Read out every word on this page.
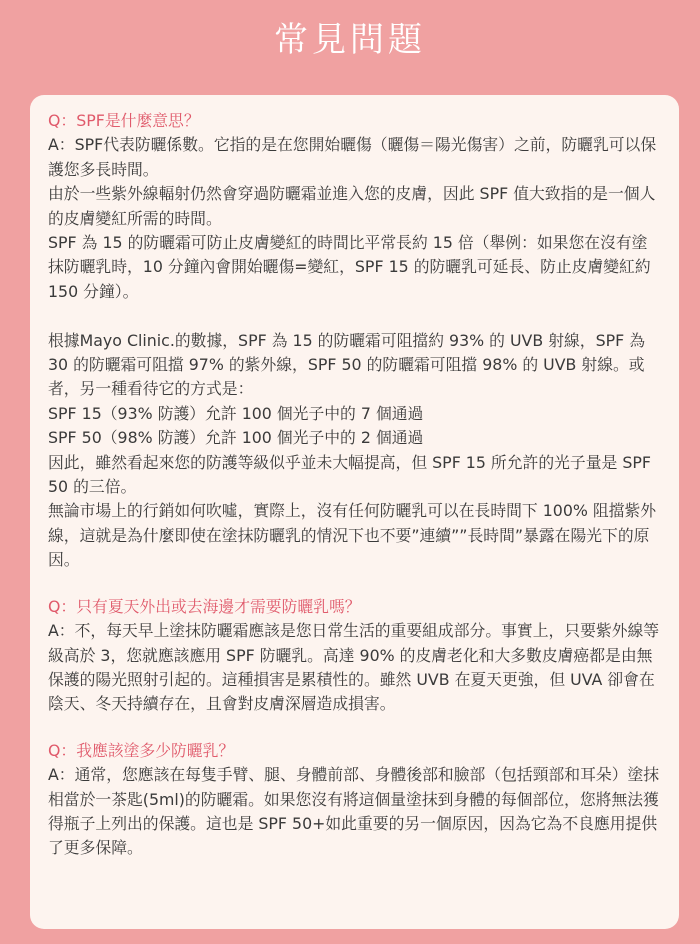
常見問題

Q：SPF是什麼意思？

A：SPF代表防曬係數。它指的是在您開始曬傷（曬傷＝陽光傷害）之前，防曬乳可以保護您多長時間。

由於一些紫外線輻射仍然會穿過防曬霜並進入您的皮膚，因此 SPF 值大致指的是一個人的皮膚變紅所需的時間。

SPF 為 15 的防曬霜可防止皮膚變紅的時間比平常長約 15 倍（舉例：如果您在沒有塗抹防曬乳時，10 分鐘內會開始曬傷=變紅，SPF 15 的防曬乳可延長、防止皮膚變紅約 150 分鐘）。

根據Mayo Clinic.的數據，SPF 為 15 的防曬霜可阻擋約 93% 的 UVB 射線，SPF 為 30 的防曬霜可阻擋 97% 的紫外線，SPF 50 的防曬霜可阻擋 98% 的 UVB 射線。或者，另一種看待它的方式是：

SPF 15（93% 防護）允許 100 個光子中的 7 個通過

SPF 50（98% 防護）允許 100 個光子中的 2 個通過

因此，雖然看起來您的防護等級似乎並未大幅提高，但 SPF 15 所允許的光子量是 SPF 50 的三倍。

無論市場上的行銷如何吹噓，實際上，沒有任何防曬乳可以在長時間下 100% 阻擋紫外線，這就是為什麼即使在塗抹防曬乳的情況下也不要”連續””長時間”暴露在陽光下的原因。

Q：只有夏天外出或去海邊才需要防曬乳嗎？

A：不，每天早上塗抹防曬霜應該是您日常生活的重要組成部分。事實上，只要紫外線等級高於 3，您就應該應用 SPF 防曬乳。高達 90% 的皮膚老化和大多數皮膚癌都是由無保護的陽光照射引起的。這種損害是累積性的。雖然 UVB 在夏天更強，但 UVA 卻會在陰天、冬天持續存在，且會對皮膚深層造成損害。

Q：我應該塗多少防曬乳？

A：通常，您應該在每隻手臂、腿、身體前部、身體後部和臉部（包括頸部和耳朵）塗抹相當於一茶匙(5ml)的防曬霜。如果您沒有將這個量塗抹到身體的每個部位，您將無法獲得瓶子上列出的保護。這也是 SPF 50+如此重要的另一個原因，因為它為不良應用提供了更多保障。
